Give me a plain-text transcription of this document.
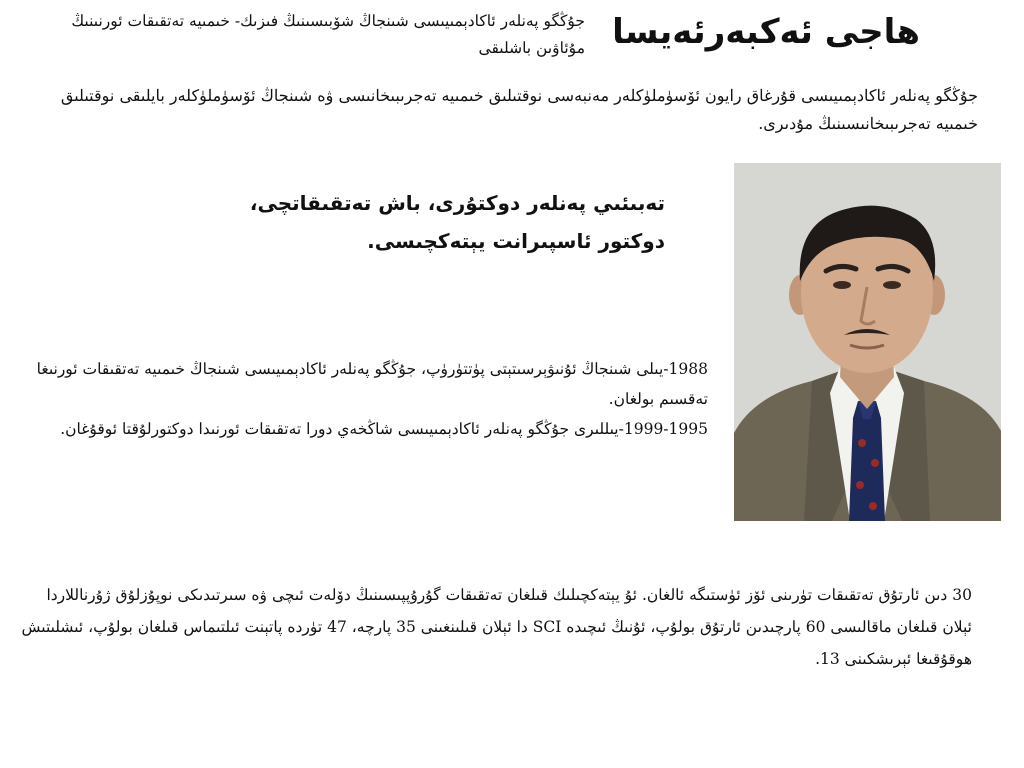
هاجى ئەكبەرئەيسا
جۇڭگو پەنلەر ئاكادېمىيىسى شىنجاڭ شۆبىسىنىڭ فىزىك- خىمىيە تەتقىقات ئورنىنىڭ مۇئاۋىن باشلىقى
جۇڭگو پەنلەر ئاكادېمىيىسى قۇرغاق رايون ئۆسۈملۈكلەر مەنبەسى نوقتىلىق خىمىيە تەجرىبىخانىسى ۋە شىنجاڭ ئۆسۈملۈكلەر بايلىقى نوقتىلىق خىمىيە تەجرىبىخانىسىنىڭ مۇدىرى.
تەبىئىي پەنلەر دوكتۇرى، باش تەتقىقاتچى،
دوكتور ئاسپىرانت يېتەكچىسى.

1988-يىلى شىنجاڭ ئۇنىۋېرسىتېتى پۈتتۈرۈپ، جۇڭگو پەنلەر ئاكادېمىيىسى شىنجاڭ خىمىيە تەتقىقات ئورنىغا تەقسىم بولغان.

1999-1995-يىللىرى جۇڭگو پەنلەر ئاكادېمىيىسى شاڭخەي دورا تەتقىقات ئورنىدا دوكتورلۇقتا ئوقۇغان.

30 دىن ئارتۇق تەتقىقات تۈرىنى ئۆز ئۈستىگە ئالغان. ئۇ يېتەكچىلىك قىلغان تەتقىقات گۇرۇپپىسىنىڭ دۆلەت ئىچى ۋە سىرتىدىكى نوپۇزلۇق ژۇرناللاردا ئېلان قىلغان ماقالىسى 60 پارچىدىن ئارتۇق بولۇپ، ئۇنىڭ ئىچىدە SCI دا ئېلان قىلىنغىنى 35 پارچە، 47 تۈردە پاتېنت ئىلتىماس قىلغان بولۇپ، ئىشلىتىش ھوقۇقىغا ئېرىشكىنى 13.
